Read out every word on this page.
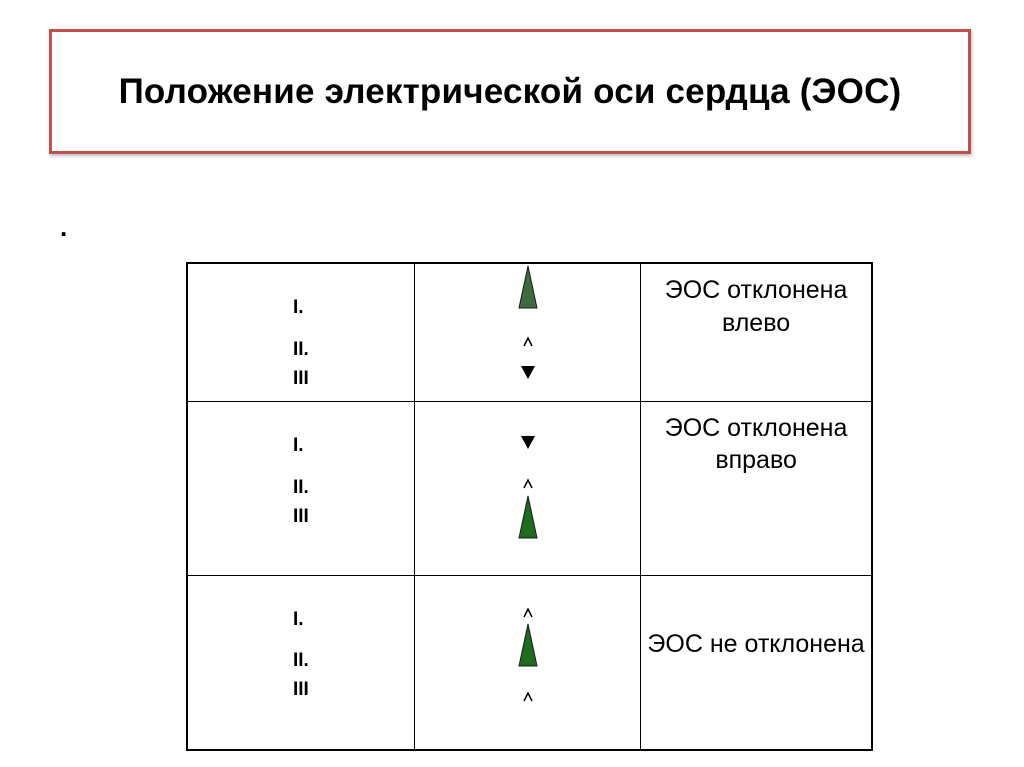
Положение электрической оси сердца (ЭОС)
.
I.
II.
III		ЭОС отклонена влево

I.
II.
III		ЭОС отклонена вправо

I.
II.
III		ЭОС не отклонена
